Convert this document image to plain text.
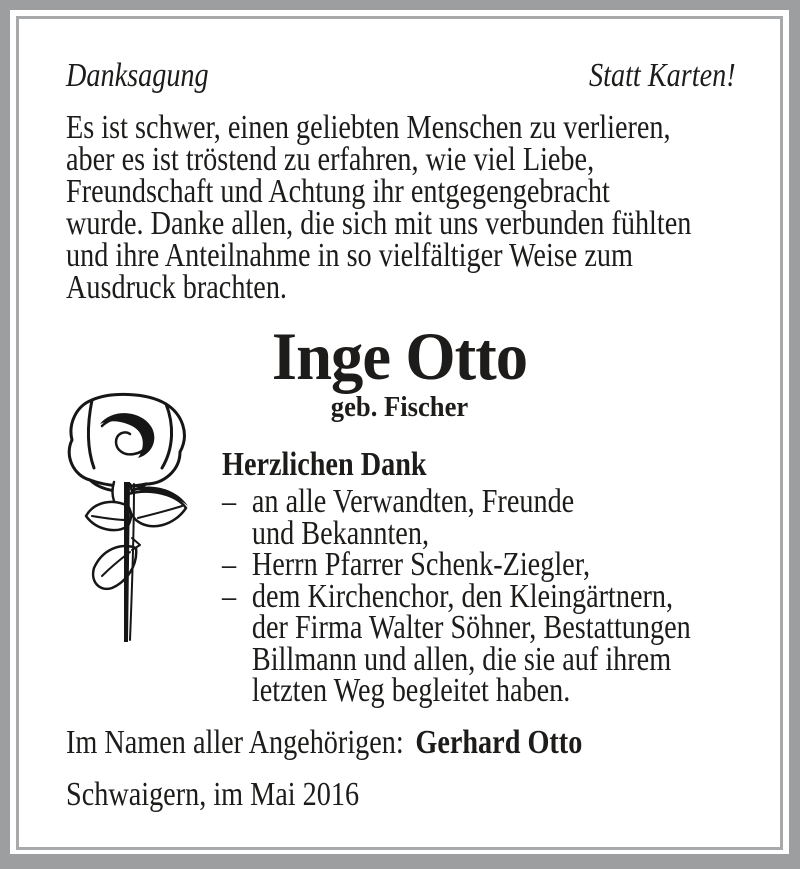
Danksagung	Statt Karten!
Es ist schwer, einen geliebten Menschen zu verlieren,
aber es ist tröstend zu erfahren, wie viel Liebe,
Freundschaft und Achtung ihr entgegengebracht
wurde. Danke allen, die sich mit uns verbunden fühlten
und ihre Anteilnahme in so vielfältiger Weise zum
Ausdruck brachten.
Inge Otto
geb. Fischer
Herzlichen Dank
– an alle Verwandten, Freunde
und Bekannten,
– Herrn Pfarrer Schenk-Ziegler,
– dem Kirchenchor, den Kleingärtnern,
der Firma Walter Söhner, Bestattungen
Billmann und allen, die sie auf ihrem
letzten Weg begleitet haben.
Im Namen aller Angehörigen: Gerhard Otto
Schwaigern, im Mai 2016
